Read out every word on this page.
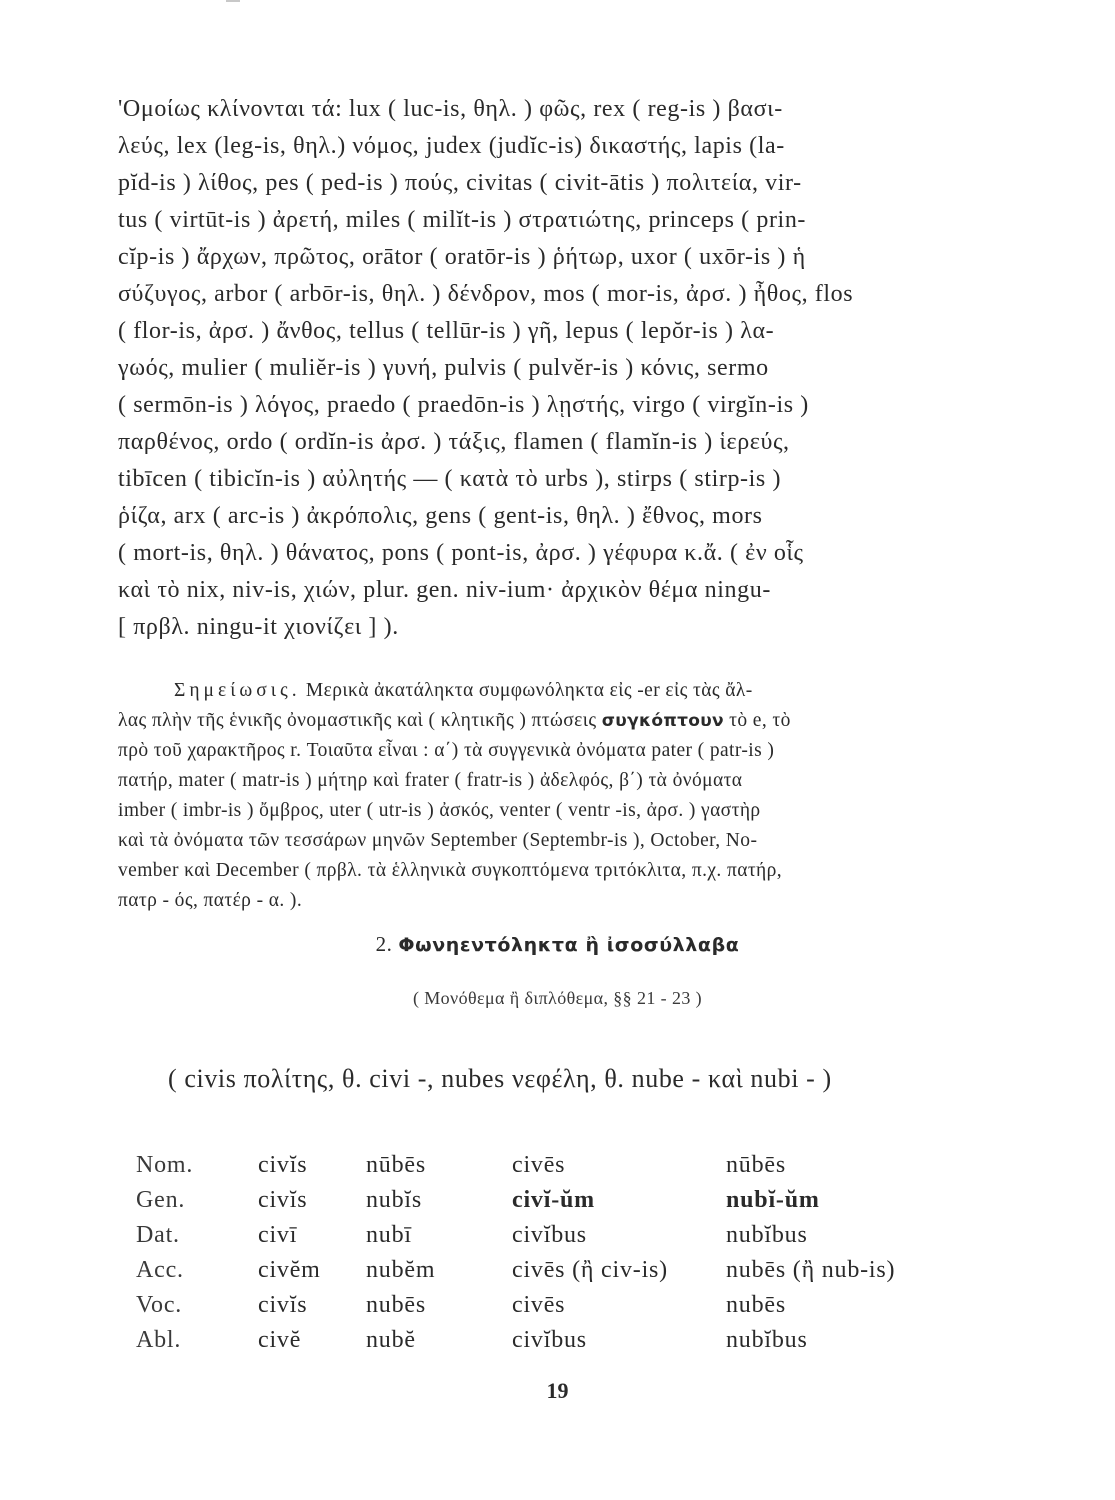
'Ομοίως κλίνονται τά: lux ( luc-is, θηλ. ) φῶς, rex ( reg-is ) βασι-
λεύς, lex (leg-is, θηλ.) νόμος, judex (judĭc-is) δικαστής, lapis (la-
pĭd-is ) λίθος, pes ( ped-is ) πούς, civitas ( civit-ātis ) πολιτεία, vir-
tus ( virtūt-is ) ἀρετή, miles ( milĭt-is ) στρατιώτης, princeps ( prin-
cĭp-is ) ἄρχων, πρῶτος, orātor ( oratōr-is ) ῥήτωρ, uxor ( uxōr-is ) ἡ
σύζυγος, arbor ( arbōr-is, θηλ. ) δένδρον, mos ( mor-is, ἀρσ. ) ἦθος, flos
( flor-is, ἀρσ. ) ἄνθος, tellus ( tellūr-is ) γῆ, lepus ( lepŏr-is ) λα-
γωός, mulier ( muliĕr-is ) γυνή, pulvis ( pulvĕr-is ) κόνις, sermo
( sermōn-is ) λόγος, praedo ( praedōn-is ) λῃστής, virgo ( virgĭn-is )
παρθένος, ordo ( ordĭn-is ἀρσ. ) τάξις, flamen ( flamĭn-is ) ἱερεύς,
tibīcen ( tibicĭn-is ) αὐλητής — ( κατὰ τὸ urbs ), stirps ( stirp-is )
ῥίζα, arx ( arc-is ) ἀκρόπολις, gens ( gent-is, θηλ. ) ἔθνος, mors
( mort-is, θηλ. ) θάνατος, pons ( pont-is, ἀρσ. ) γέφυρα κ.ἄ. ( ἐν οἷς
καὶ τὸ nix, niv-is, χιών, plur. gen. niv-ium· ἀρχικὸν θέμα ningu-
[ πρβλ. ningu-it χιονίζει ] ).
Σημείωσις. Μερικὰ ἀκατάληκτα συμφωνόληκτα εἰς -er εἰς τὰς ἄλ-
λας πλὴν τῆς ἑνικῆς ὀνομαστικῆς καὶ ( κλητικῆς ) πτώσεις συγκόπτουν τὸ e, τὸ
πρὸ τοῦ χαρακτῆρος r. Τοιαῦτα εἶναι : α΄) τὰ συγγενικὰ ὀνόματα pater ( patr-is )
πατήρ, mater ( matr-is ) μήτηρ καὶ frater ( fratr-is ) ἀδελφός, β΄) τὰ ὀνόματα
imber ( imbr-is ) ὄμβρος, uter ( utr-is ) ἀσκός, venter ( ventr -is, ἀρσ. ) γαστὴρ
καὶ τὰ ὀνόματα τῶν τεσσάρων μηνῶν September (Septembr-is ), October, No-
vember καὶ December ( πρβλ. τὰ ἑλληνικὰ συγκοπτόμενα τριτόκλιτα, π.χ. πατήρ,
πατρ - ός, πατέρ - α. ).
2. Φωνηεντόληκτα ἢ ἰσοσύλλαβα
( Μονόθεμα ἢ διπλόθεμα, §§ 21 - 23 )
( civis πολίτης, θ. civi -, nubes νεφέλη, θ. nube - καὶ nubi - )
Nom.	civĭs	nūbēs	civēs	nūbēs
Gen.	civĭs	nubĭs	civĭ-ŭm	nubĭ-ŭm
Dat.	civī	nubī	civĭbus	nubĭbus
Acc.	civĕm	nubĕm	civēs (ἢ civ-is)	nubēs (ἢ nub-is)
Voc.	civĭs	nubēs	civēs	nubēs
Abl.	civĕ	nubĕ	civĭbus	nubĭbus
19
